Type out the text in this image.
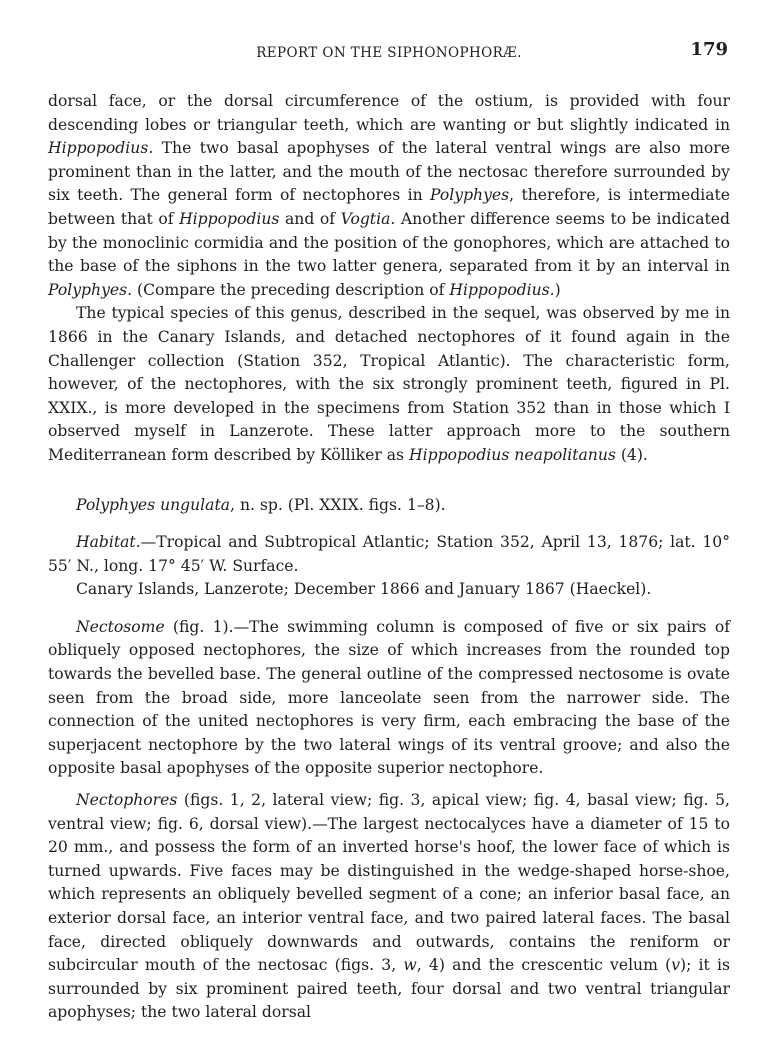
REPORT ON THE SIPHONOPHORÆ.	179

dorsal face, or the dorsal circumference of the ostium, is provided with four descending lobes or triangular teeth, which are wanting or but slightly indicated in Hippopodius. The two basal apophyses of the lateral ventral wings are also more prominent than in the latter, and the mouth of the nectosac therefore surrounded by six teeth. The general form of nectophores in Polyphyes, therefore, is intermediate between that of Hippopodius and of Vogtia. Another difference seems to be indicated by the monoclinic cormidia and the position of the gonophores, which are attached to the base of the siphons in the two latter genera, separated from it by an interval in Polyphyes. (Compare the preceding description of Hippopodius.)

The typical species of this genus, described in the sequel, was observed by me in 1866 in the Canary Islands, and detached nectophores of it found again in the Challenger collection (Station 352, Tropical Atlantic). The characteristic form, however, of the nectophores, with the six strongly prominent teeth, figured in Pl. XXIX., is more developed in the specimens from Station 352 than in those which I observed myself in Lanzerote. These latter approach more to the southern Mediterranean form described by Kölliker as Hippopodius neapolitanus (4).

Polyphyes ungulata, n. sp. (Pl. XXIX. figs. 1–8).

Habitat.—Tropical and Subtropical Atlantic; Station 352, April 13, 1876; lat. 10° 55′ N., long. 17° 45′ W. Surface.

Canary Islands, Lanzerote; December 1866 and January 1867 (Haeckel).

Nectosome (fig. 1).—The swimming column is composed of five or six pairs of obliquely opposed nectophores, the size of which increases from the rounded top towards the bevelled base. The general outline of the compressed nectosome is ovate seen from the broad side, more lanceolate seen from the narrower side. The connection of the united nectophores is very firm, each embracing the base of the superjacent nectophore by the two lateral wings of its ventral groove; and also the opposite basal apophyses of the opposite superior nectophore.

Nectophores (figs. 1, 2, lateral view; fig. 3, apical view; fig. 4, basal view; fig. 5, ventral view; fig. 6, dorsal view).—The largest nectocalyces have a diameter of 15 to 20 mm., and possess the form of an inverted horse's hoof, the lower face of which is turned upwards. Five faces may be distinguished in the wedge-shaped horse-shoe, which represents an obliquely bevelled segment of a cone; an inferior basal face, an exterior dorsal face, an interior ventral face, and two paired lateral faces. The basal face, directed obliquely downwards and outwards, contains the reniform or subcircular mouth of the nectosac (figs. 3, w, 4) and the crescentic velum (v); it is surrounded by six prominent paired teeth, four dorsal and two ventral triangular apophyses; the two lateral dorsal
